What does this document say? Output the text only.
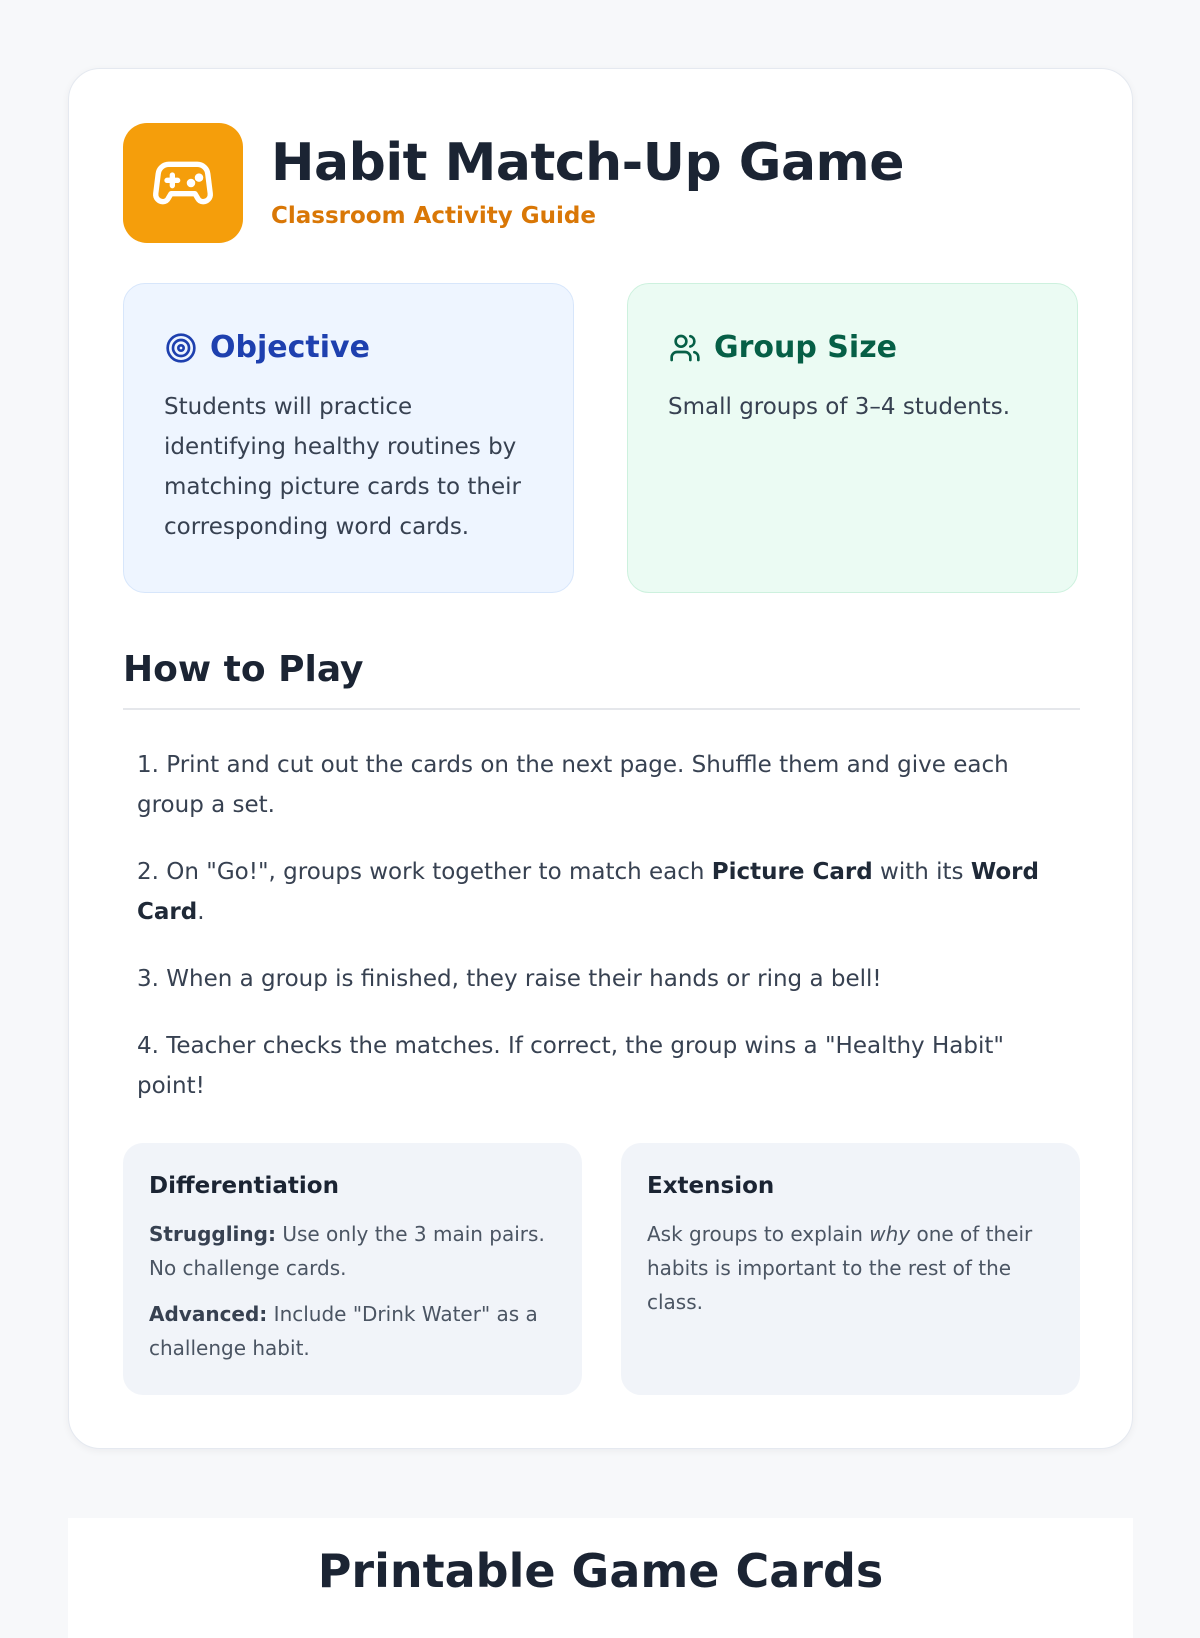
Habit Match-Up Game
Classroom Activity Guide
Objective

Students will practice identifying healthy routines by matching picture cards to their corresponding word cards.

Group Size

Small groups of 3–4 students.

How to Play

1. Print and cut out the cards on the next page. Shuffle them and give each group a set.

2. On "Go!", groups work together to match each Picture Card with its Word Card.

3. When a group is finished, they raise their hands or ring a bell!

4. Teacher checks the matches. If correct, the group wins a "Healthy Habit" point!

Differentiation

Struggling: Use only the 3 main pairs. No challenge cards.

Advanced: Include "Drink Water" as a challenge habit.

Extension

Ask groups to explain why one of their habits is important to the rest of the class.

Printable Game Cards
